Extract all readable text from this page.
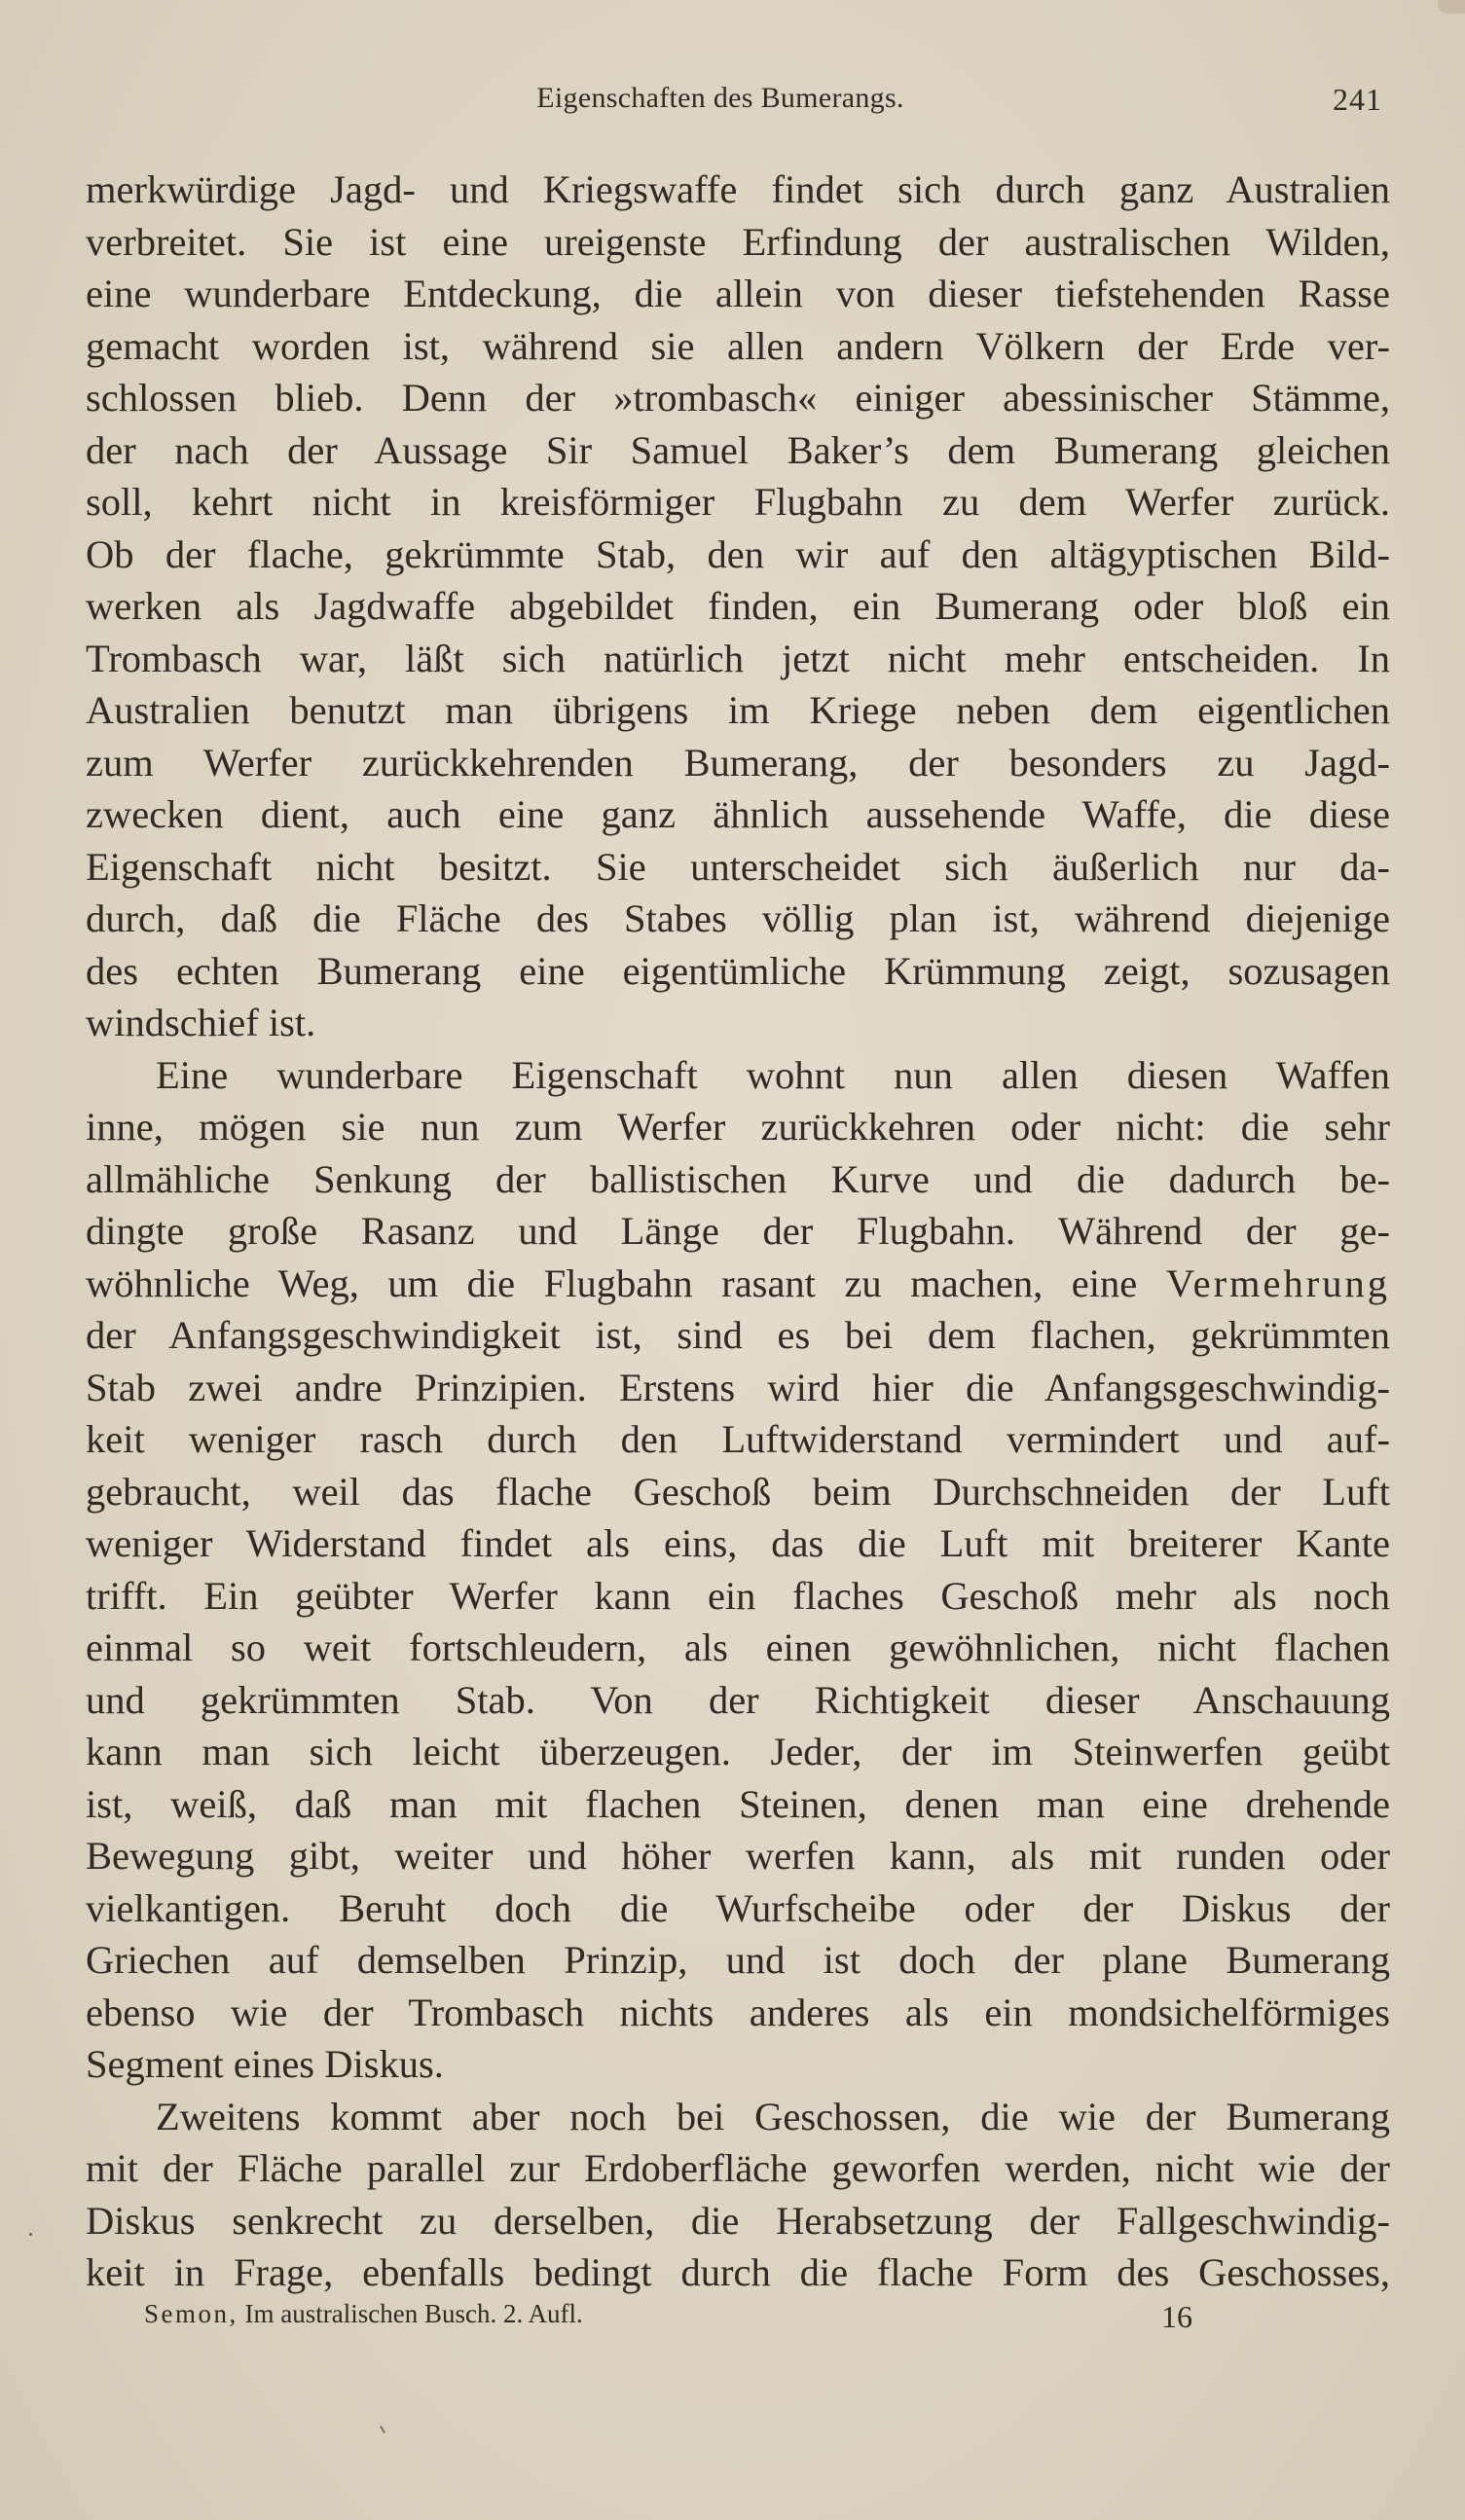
Eigenschaften des Bumerangs.	241
merkwürdige Jagd- und Kriegswaffe findet sich durch ganz Australien
verbreitet. Sie ist eine ureigenste Erfindung der australischen Wilden,
eine wunderbare Entdeckung, die allein von dieser tiefstehenden Rasse
gemacht worden ist, während sie allen andern Völkern der Erde ver-
schlossen blieb. Denn der »trombasch« einiger abessinischer Stämme,
der nach der Aussage Sir Samuel Baker’s dem Bumerang gleichen
soll, kehrt nicht in kreisförmiger Flugbahn zu dem Werfer zurück.
Ob der flache, gekrümmte Stab, den wir auf den altägyptischen Bild-
werken als Jagdwaffe abgebildet finden, ein Bumerang oder bloß ein
Trombasch war, läßt sich natürlich jetzt nicht mehr entscheiden. In
Australien benutzt man übrigens im Kriege neben dem eigentlichen
zum Werfer zurückkehrenden Bumerang, der besonders zu Jagd-
zwecken dient, auch eine ganz ähnlich aussehende Waffe, die diese
Eigenschaft nicht besitzt. Sie unterscheidet sich äußerlich nur da-
durch, daß die Fläche des Stabes völlig plan ist, während diejenige
des echten Bumerang eine eigentümliche Krümmung zeigt, sozusagen
windschief ist.
Eine wunderbare Eigenschaft wohnt nun allen diesen Waffen
inne, mögen sie nun zum Werfer zurückkehren oder nicht: die sehr
allmähliche Senkung der ballistischen Kurve und die dadurch be-
dingte große Rasanz und Länge der Flugbahn. Während der ge-
wöhnliche Weg, um die Flugbahn rasant zu machen, eine Vermehrung
der Anfangsgeschwindigkeit ist, sind es bei dem flachen, gekrümmten
Stab zwei andre Prinzipien. Erstens wird hier die Anfangsgeschwindig-
keit weniger rasch durch den Luftwiderstand vermindert und auf-
gebraucht, weil das flache Geschoß beim Durchschneiden der Luft
weniger Widerstand findet als eins, das die Luft mit breiterer Kante
trifft. Ein geübter Werfer kann ein flaches Geschoß mehr als noch
einmal so weit fortschleudern, als einen gewöhnlichen, nicht flachen
und gekrümmten Stab. Von der Richtigkeit dieser Anschauung
kann man sich leicht überzeugen. Jeder, der im Steinwerfen geübt
ist, weiß, daß man mit flachen Steinen, denen man eine drehende
Bewegung gibt, weiter und höher werfen kann, als mit runden oder
vielkantigen. Beruht doch die Wurfscheibe oder der Diskus der
Griechen auf demselben Prinzip, und ist doch der plane Bumerang
ebenso wie der Trombasch nichts anderes als ein mondsichelförmiges
Segment eines Diskus.
Zweitens kommt aber noch bei Geschossen, die wie der Bumerang
mit der Fläche parallel zur Erdoberfläche geworfen werden, nicht wie der
Diskus senkrecht zu derselben, die Herabsetzung der Fallgeschwindig-
keit in Frage, ebenfalls bedingt durch die flache Form des Geschosses,
Semon, Im australischen Busch. 2. Aufl.	16
